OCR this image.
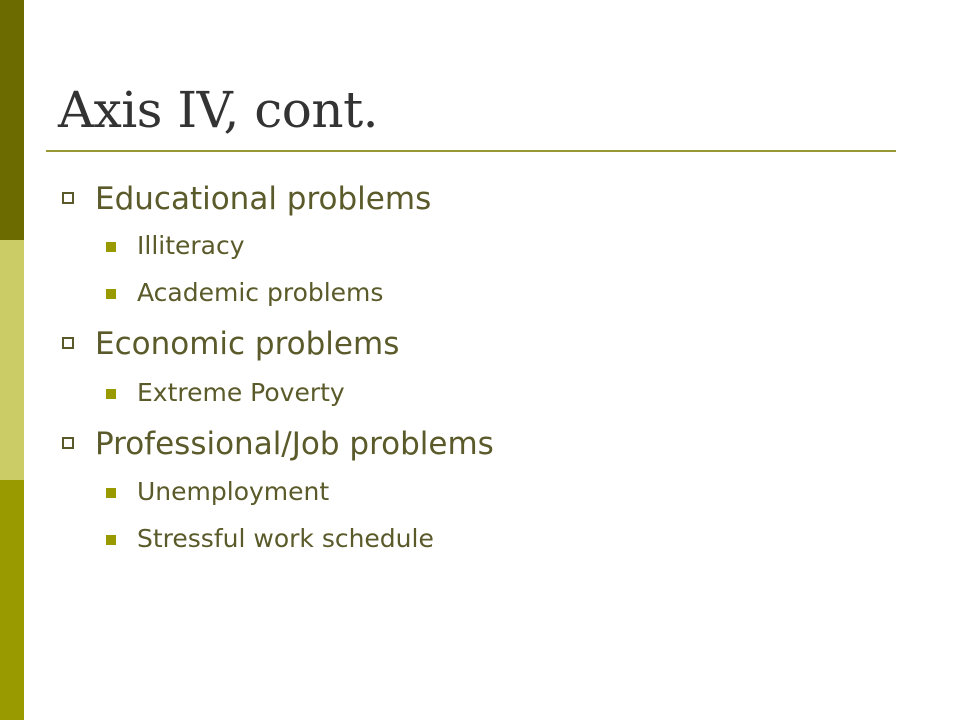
Axis IV, cont.
Educational problems
Illiteracy
Academic problems
Economic problems
Extreme Poverty
Professional/Job problems
Unemployment
Stressful work schedule
